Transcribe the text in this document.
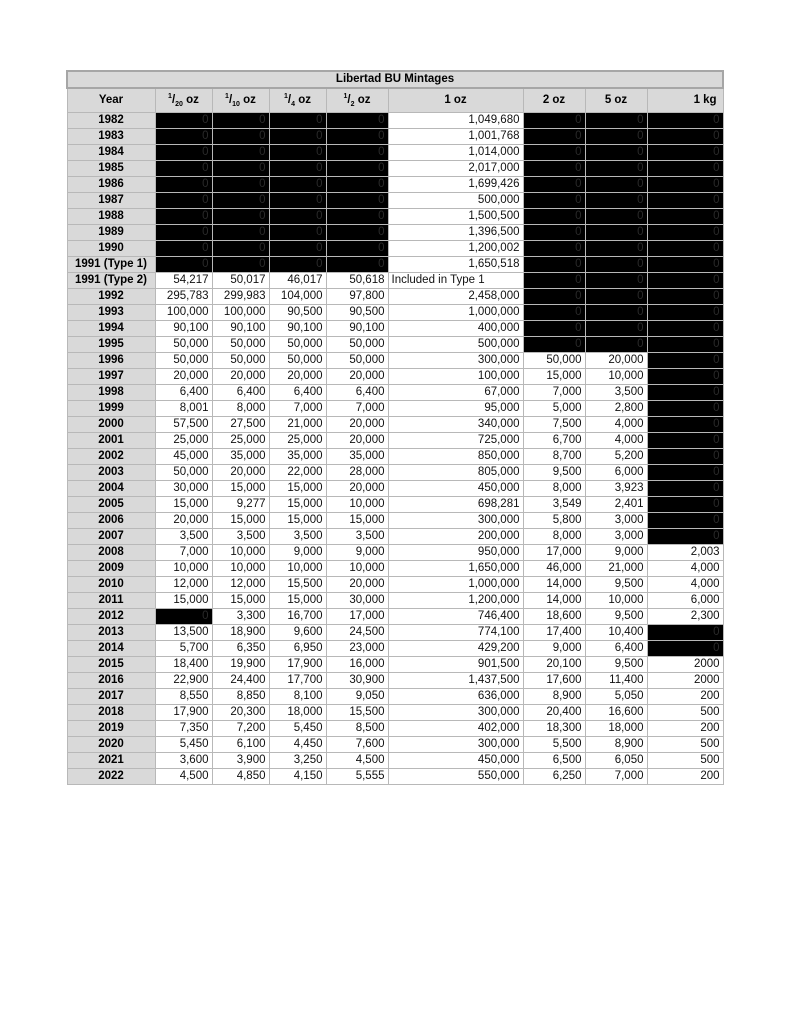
Libertad BU Mintages								
Year	$^1/_{20}$ oz	$^1/_{10}$ oz	$^1/_4$ oz	$^1/_2$ oz	1 oz	2 oz	5 oz	1 kg
1982	0	0	0	0	1,049,680	0	0	0
1983	0	0	0	0	1,001,768	0	0	0
1984	0	0	0	0	1,014,000	0	0	0
1985	0	0	0	0	2,017,000	0	0	0
1986	0	0	0	0	1,699,426	0	0	0
1987	0	0	0	0	500,000	0	0	0
1988	0	0	0	0	1,500,500	0	0	0
1989	0	0	0	0	1,396,500	0	0	0
1990	0	0	0	0	1,200,002	0	0	0
1991 (Type 1)	0	0	0	0	1,650,518	0	0	0
1991 (Type 2)	54,217	50,017	46,017	50,618	Included in Type 1	0	0	0
1992	295,783	299,983	104,000	97,800	2,458,000	0	0	0
1993	100,000	100,000	90,500	90,500	1,000,000	0	0	0
1994	90,100	90,100	90,100	90,100	400,000	0	0	0
1995	50,000	50,000	50,000	50,000	500,000	0	0	0
1996	50,000	50,000	50,000	50,000	300,000	50,000	20,000	0
1997	20,000	20,000	20,000	20,000	100,000	15,000	10,000	0
1998	6,400	6,400	6,400	6,400	67,000	7,000	3,500	0
1999	8,001	8,000	7,000	7,000	95,000	5,000	2,800	0
2000	57,500	27,500	21,000	20,000	340,000	7,500	4,000	0
2001	25,000	25,000	25,000	20,000	725,000	6,700	4,000	0
2002	45,000	35,000	35,000	35,000	850,000	8,700	5,200	0
2003	50,000	20,000	22,000	28,000	805,000	9,500	6,000	0
2004	30,000	15,000	15,000	20,000	450,000	8,000	3,923	0
2005	15,000	9,277	15,000	10,000	698,281	3,549	2,401	0
2006	20,000	15,000	15,000	15,000	300,000	5,800	3,000	0
2007	3,500	3,500	3,500	3,500	200,000	8,000	3,000	0
2008	7,000	10,000	9,000	9,000	950,000	17,000	9,000	2,003
2009	10,000	10,000	10,000	10,000	1,650,000	46,000	21,000	4,000
2010	12,000	12,000	15,500	20,000	1,000,000	14,000	9,500	4,000
2011	15,000	15,000	15,000	30,000	1,200,000	14,000	10,000	6,000
2012	0	3,300	16,700	17,000	746,400	18,600	9,500	2,300
2013	13,500	18,900	9,600	24,500	774,100	17,400	10,400	0
2014	5,700	6,350	6,950	23,000	429,200	9,000	6,400	0
2015	18,400	19,900	17,900	16,000	901,500	20,100	9,500	2000
2016	22,900	24,400	17,700	30,900	1,437,500	17,600	11,400	2000
2017	8,550	8,850	8,100	9,050	636,000	8,900	5,050	200
2018	17,900	20,300	18,000	15,500	300,000	20,400	16,600	500
2019	7,350	7,200	5,450	8,500	402,000	18,300	18,000	200
2020	5,450	6,100	4,450	7,600	300,000	5,500	8,900	500
2021	3,600	3,900	3,250	4,500	450,000	6,500	6,050	500
2022	4,500	4,850	4,150	5,555	550,000	6,250	7,000	200
